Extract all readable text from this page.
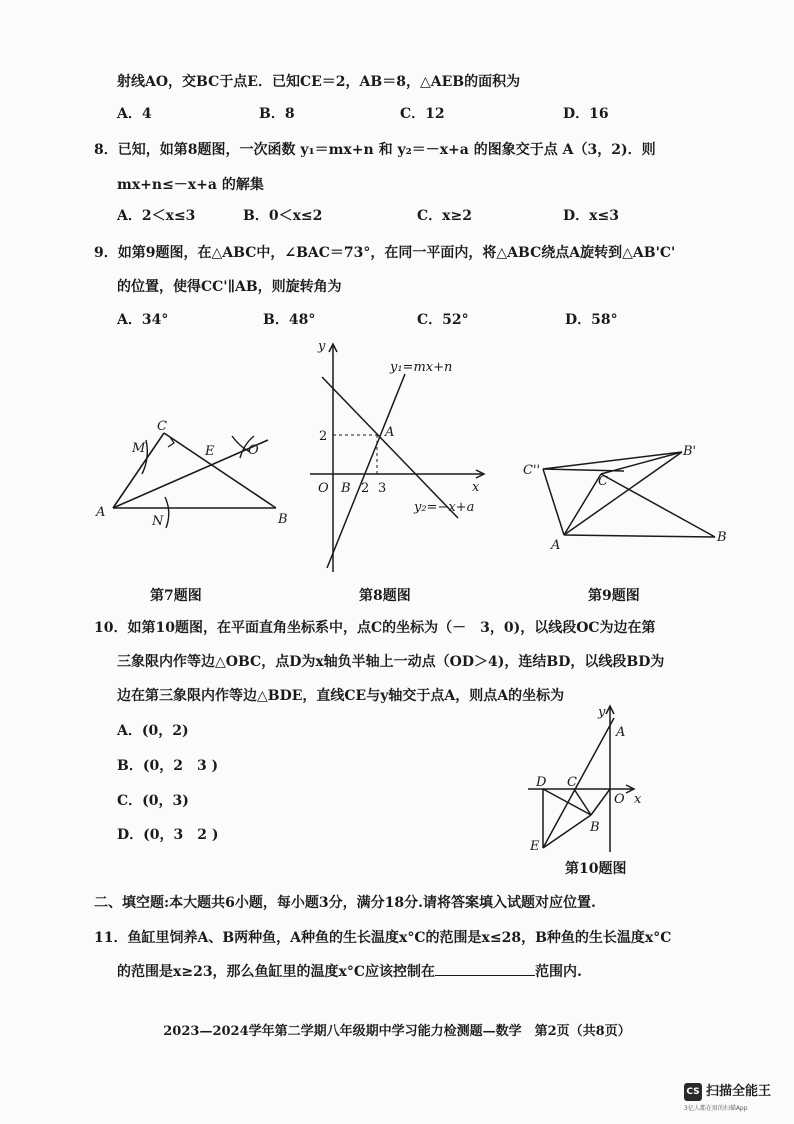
射线AO，交BC于点E．已知CE＝2，AB＝8，△AEB的面积为
A．4	B．8	C．12	D．16
8．已知，如第8题图，一次函数 y₁＝mx+n 和 y₂＝－x+a 的图象交于点 A（3，2)．则
mx+n≤－x+a 的解集
A．2＜x≤3	B．0＜x≤2	C．x≥2	D．x≤3
9．如第9题图，在△ABC中，∠BAC＝73°，在同一平面内，将△ABC绕点A旋转到△AB'C'
的位置，使得CC'∥AB，则旋转角为
A．34°	B．48°	C．52°	D．58°
A	B
C
E
M
N
O
y
x
O B 2 3
2	A
y₁=mx+n
y₂=−x+a
C''
B'
C
A
B
第7题图	第8题图	第9题图
10．如第10题图，在平面直角坐标系中，点C的坐标为（－　3，0)，以线段OC为边在第
三象限内作等边△OBC，点D为x轴负半轴上一动点（OD＞4)，连结BD，以线段BD为
边在第三象限内作等边△BDE，直线CE与y轴交于点A，则点A的坐标为
A．(0，2)
B．(0，2　3 )
C．(0，3)
D．(0，3　2 )
y
A
D C
O x
B
E
第10题图
二、填空题:本大题共6小题，每小题3分，满分18分.请将答案填入试题对应位置.
11．鱼缸里饲养A、B两种鱼，A种鱼的生长温度x°C的范围是x≤28，B种鱼的生长温度x°C
的范围是x≥23，那么鱼缸里的温度x°C应该控制在	范围内.
2023—2024学年第二学期八年级期中学习能力检测题—数学　第2页（共8页）
CS 扫描全能王
3亿人都在用的扫描App
